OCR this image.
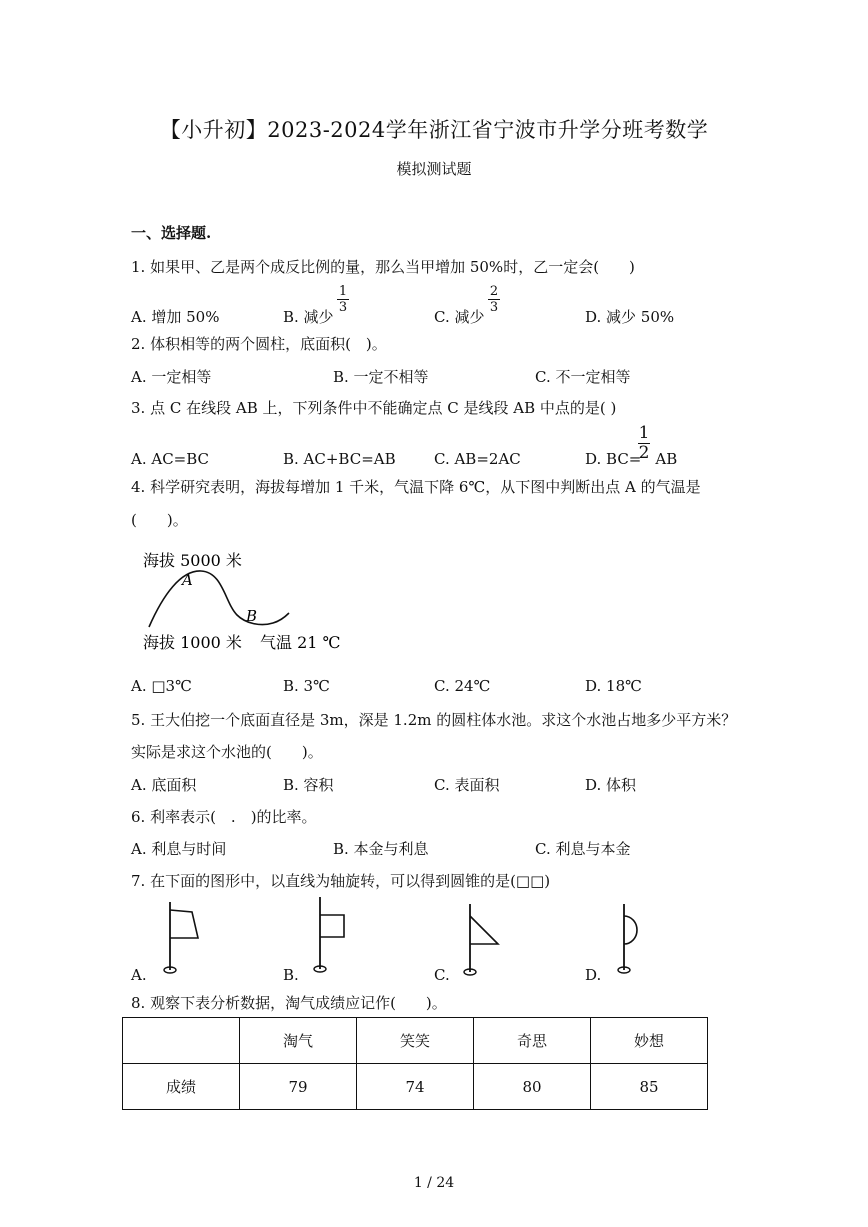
【小升初】2023-2024学年浙江省宁波市升学分班考数学
模拟测试题
一、选择题.
1. 如果甲、乙是两个成反比例的量，那么当甲增加 50%时，乙一定会(　　)
A. 增加 50%	B. 减少
1
3
C. 减少
2
3
D. 减少 50%
2. 体积相等的两个圆柱，底面积(　)。
A. 一定相等	B. 一定不相等	C. 不一定相等
3. 点 C 在线段 AB 上，下列条件中不能确定点 C 是线段 AB 中点的是( )
A. AC=BC	B. AC+BC=AB	C. AB=2AC	D. BC= AB
1
2
4. 科学研究表明，海拔每增加 1 千米，气温下降 6℃，从下图中判断出点 A 的气温是
(　　)。
海拔 5000 米
A
B
海拔 1000 米 气温 21 ℃
A. □3℃	B. 3℃	C. 24℃	D. 18℃
5. 王大伯挖一个底面直径是 3m，深是 1.2m 的圆柱体水池。求这个水池占地多少平方米？
实际是求这个水池的(　　)。
A. 底面积	B. 容积	C. 表面积	D. 体积
6. 利率表示(　.　)的比率。
A. 利息与时间	B. 本金与利息	C. 利息与本金
7. 在下面的图形中，以直线为轴旋转，可以得到圆锥的是(□□)
A.	B.	C.	D.
8. 观察下表分析数据，淘气成绩应记作(　　)。
	淘气	笑笑	奇思	妙想
成绩	79	74	80	85
1 / 24
